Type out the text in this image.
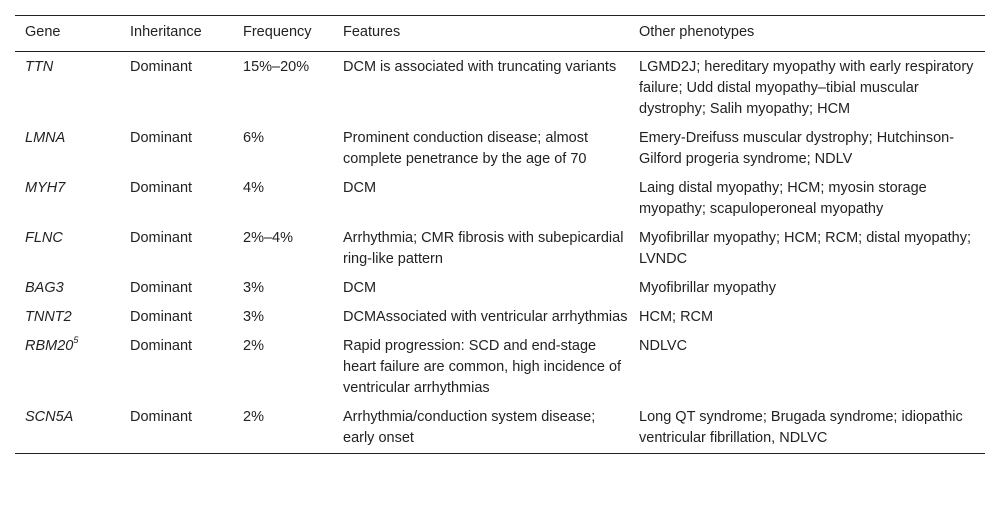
Gene	Inheritance	Frequency	Features	Other phenotypes
TTN	Dominant	15%–20%	DCM is associated with truncating variants	LGMD2J; hereditary myopathy with early respiratory failure; Udd distal myopathy–tibial muscular dystrophy; Salih myopathy; HCM
LMNA	Dominant	6%	Prominent conduction disease; almost complete penetrance by the age of 70	Emery-Dreifuss muscular dystrophy; Hutchinson-Gilford progeria syndrome; NDLV
MYH7	Dominant	4%	DCM	Laing distal myopathy; HCM; myosin storage myopathy; scapuloperoneal myopathy
FLNC	Dominant	2%–4%	Arrhythmia; CMR fibrosis with subepicardial ring-like pattern	Myofibrillar myopathy; HCM; RCM; distal myopathy; LVNDC
BAG3	Dominant	3%	DCM	Myofibrillar myopathy
TNNT2	Dominant	3%	DCMAssociated with ventricular arrhythmias	HCM; RCM
$RBM20^5$	Dominant	2%	Rapid progression: SCD and end-stage heart failure are common, high incidence of ventricular arrhythmias	NDLVC
SCN5A	Dominant	2%	Arrhythmia/conduction system disease; early onset	Long QT syndrome; Brugada syndrome; idiopathic ventricular fibrillation, NDLVC
